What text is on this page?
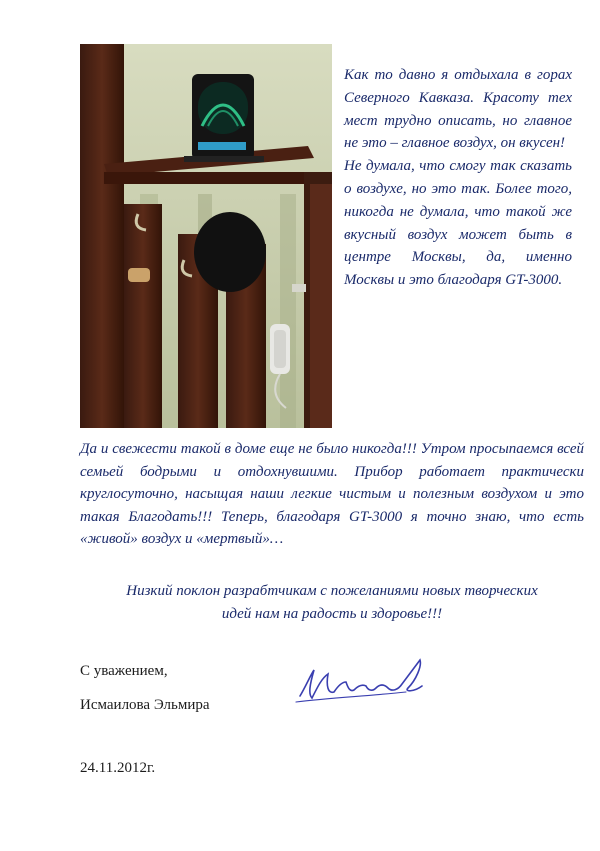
Как то давно я отдыхала в горах Северного Кавказа. Красоту тех мест трудно описать, но главное не это – главное воздух, он вкусен!

Не думала, что смогу так сказать о воздухе, но это так. Более того, никогда не думала, что такой же вкусный воздух может быть в центре Москвы, да, именно Москвы и это благодаря GT-3000.

Да и свежести такой в доме еще не было никогда!!! Утром просыпаемся всей семьей бодрыми и отдохнувшими. Прибор работает практически круглосуточно, насыщая наши легкие чистым и полезным воздухом и это такая Благодать!!! Теперь, благодаря GT-3000 я точно знаю, что есть «живой» воздух и «мертвый»…

Низкий поклон разрабтчикам с пожеланиями новых творческих

идей нам на радость и здоровье!!!

С уважением,
Исмаилова Эльмира
24.11.2012г.
